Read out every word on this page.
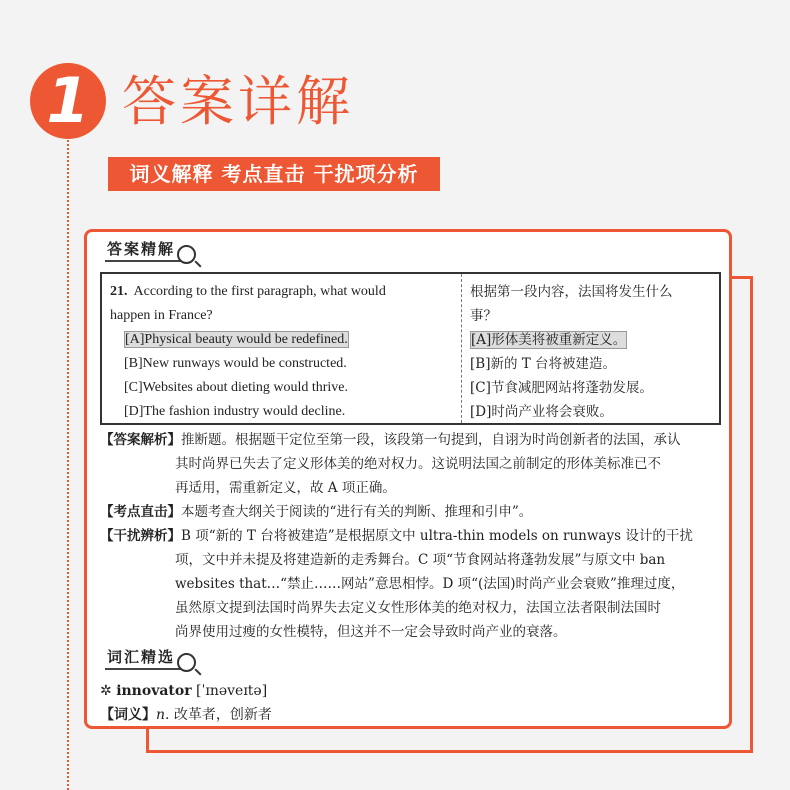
1 答案详解
词义解释 考点直击 干扰项分析
答案精解
21. According to the first paragraph, what would
happen in France?
[A]Physical beauty would be redefined.
[B]New runways would be constructed.
[C]Websites about dieting would thrive.
[D]The fashion industry would decline.
根据第一段内容，法国将发生什么
事？
[A]形体美将被重新定义。
[B]新的 T 台将被建造。
[C]节食减肥网站将蓬勃发展。
[D]时尚产业将会衰败。
【答案解析】推断题。根据题干定位至第一段，该段第一句提到，自诩为时尚创新者的法国，承认
其时尚界已失去了定义形体美的绝对权力。这说明法国之前制定的形体美标准已不
再适用，需重新定义，故 A 项正确。
【考点直击】本题考查大纲关于阅读的“进行有关的判断、推理和引申”。
【干扰辨析】B 项“新的 T 台将被建造”是根据原文中 ultra-thin models on runways 设计的干扰
项，文中并未提及将建造新的走秀舞台。C 项“节食网站将蓬勃发展”与原文中 ban
websites that…“禁止……网站”意思相悖。D 项“(法国)时尚产业会衰败”推理过度，
虽然原文提到法国时尚界失去定义女性形体美的绝对权力，法国立法者限制法国时
尚界使用过瘦的女性模特，但这并不一定会导致时尚产业的衰落。
词汇精选
✲ innovator [ˈɪnəveɪtə]
【词义】n. 改革者，创新者
